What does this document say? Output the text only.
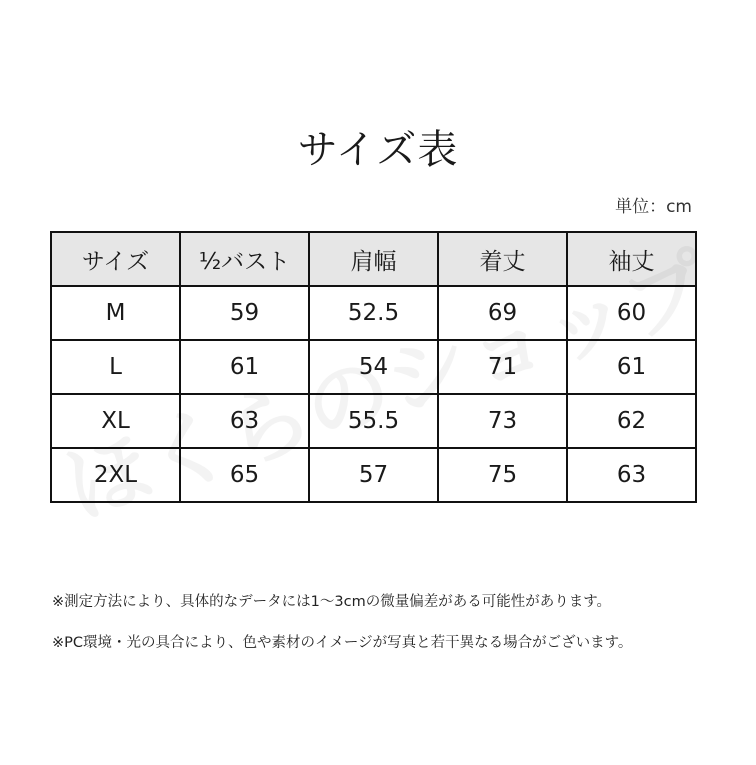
サイズ表
単位：cm
サイズ	½バスト	肩幅	着丈	袖丈
M	59	52.5	69	60
L	61	54	71	61
XL	63	55.5	73	62
2XL	65	57	75	63

※測定方法により、具体的なデータには1〜3cmの微量偏差がある可能性があります。

※PC環境・光の具合により、色や素材のイメージが写真と若干異なる場合がございます。
